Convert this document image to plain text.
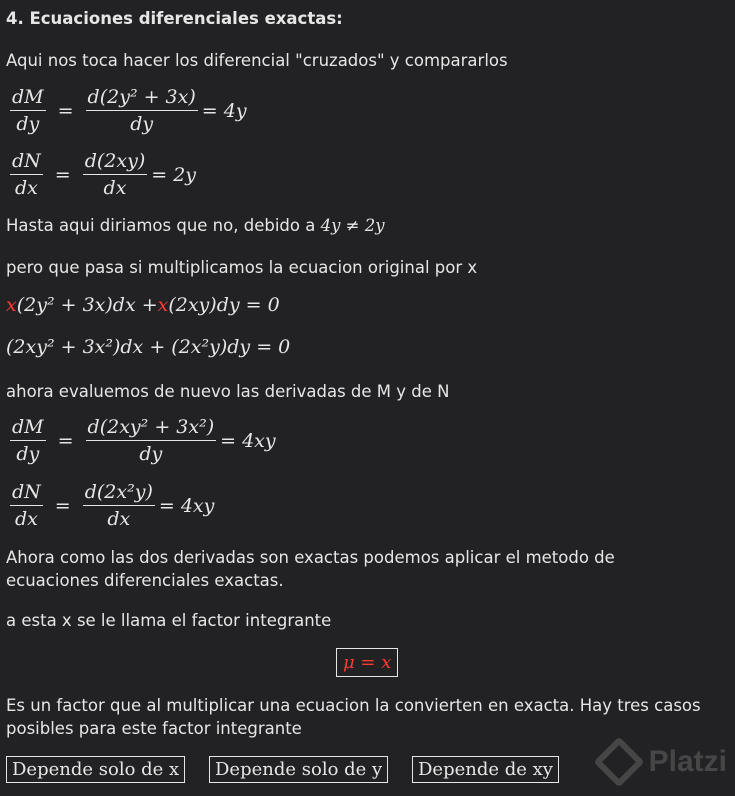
4. Ecuaciones diferenciales exactas:
Aqui nos toca hacer los diferencial "cruzados" y compararlos
$\frac{dM}{dy} = \frac{\text{d(2y² + 3x)}}{dy} = 4y$
$\frac{dN}{dx} = \frac{d(2xy)}{dx} = 2y$
Hasta aqui diriamos que no, debido a 4y ≠ 2y
pero que pasa si multiplicamos la ecuacion original por x
x (2y² + 3x)dx + x (2xy)dy = 0
(2xy² + 3x²)dx + (2x²y)dy = 0
ahora evaluemos de nuevo las derivadas de M y de N
$\frac{dM}{dy} = \frac{\text{d(2xy² + 3x²)}}{dy} = 4xy$
$\frac{dN}{dx} = \frac{\text{d(2x²y)}}{dx} = 4xy$
Ahora como las dos derivadas son exactas podemos aplicar el metodo de ecuaciones diferenciales exactas.
a esta x se le llama el factor integrante
μ = x
Es un factor que al multiplicar una ecuacion la convierten en exacta. Hay tres casos posibles para este factor integrante
Depende solo de x	Depende solo de y	Depende de xy	Platzi
